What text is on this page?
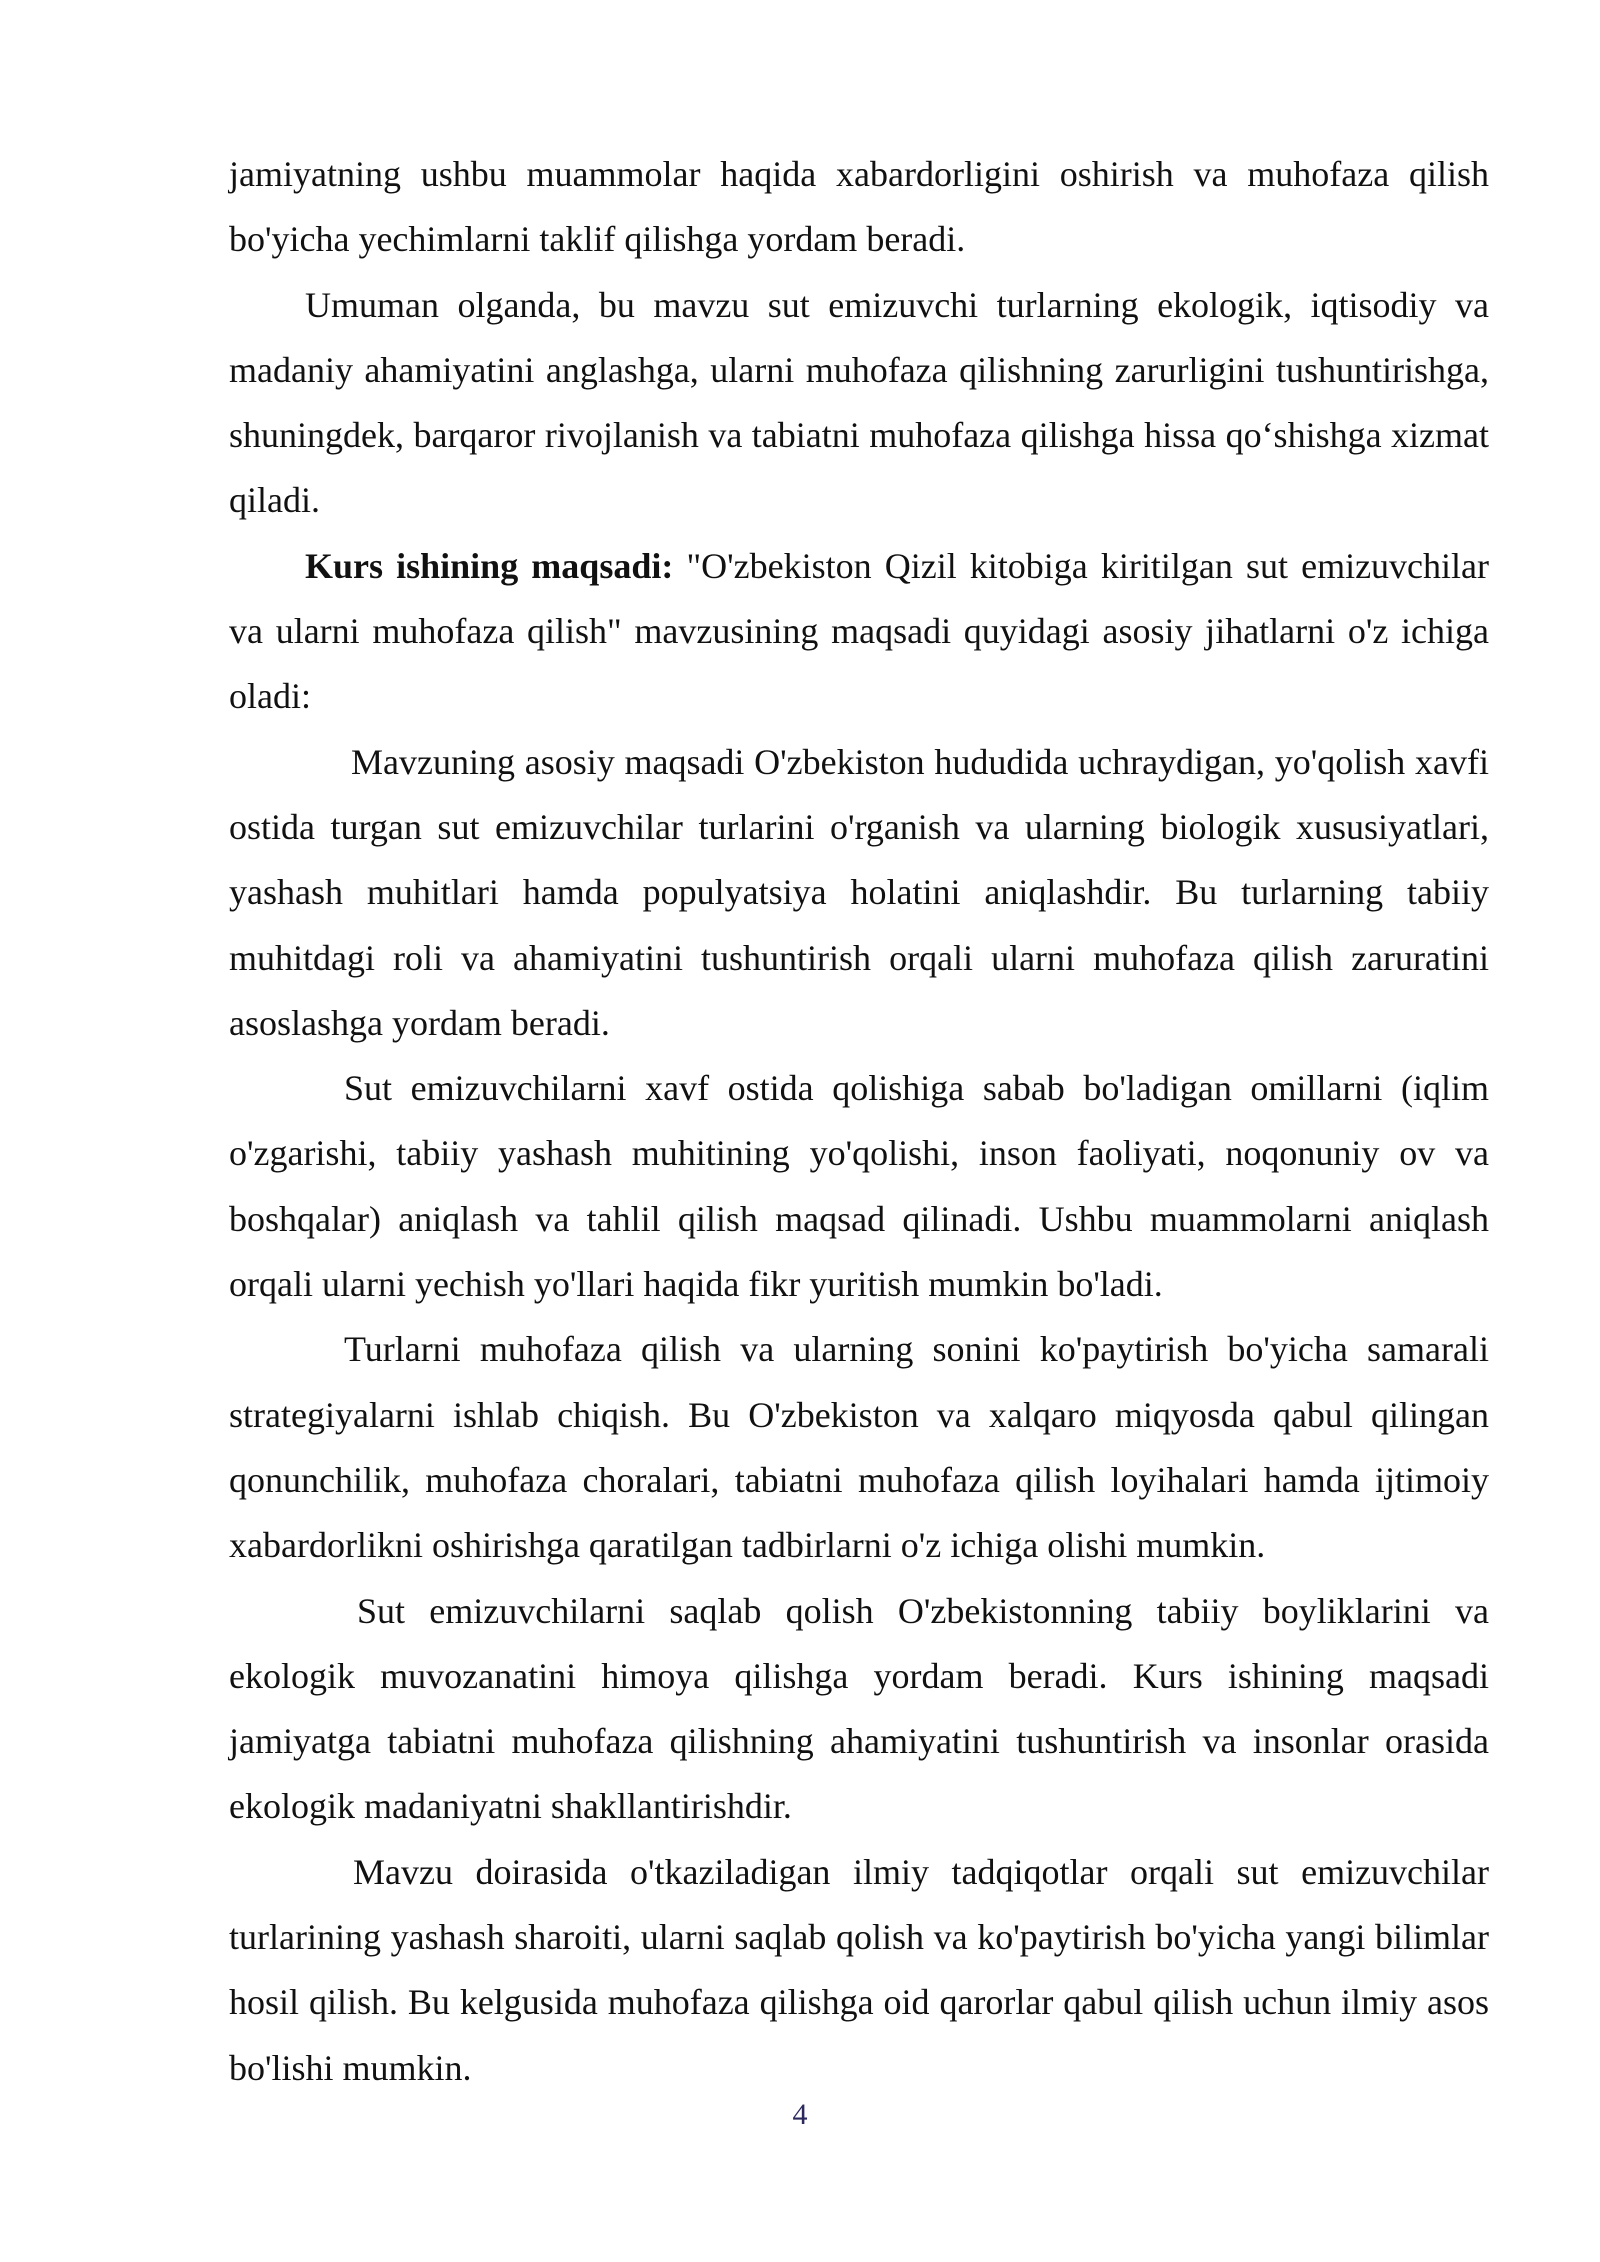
jamiyatning ushbu muammolar haqida xabardorligini oshirish va muhofaza qilish bo'yicha yechimlarni taklif qilishga yordam beradi.

Umuman olganda, bu mavzu sut emizuvchi turlarning ekologik, iqtisodiy va madaniy ahamiyatini anglashga, ularni muhofaza qilishning zarurligini tushuntirishga, shuningdek, barqaror rivojlanish va tabiatni muhofaza qilishga hissa qo‘shishga xizmat qiladi.

Kurs ishining maqsadi: "O'zbekiston Qizil kitobiga kiritilgan sut emizuvchilar va ularni muhofaza qilish" mavzusining maqsadi quyidagi asosiy jihatlarni o'z ichiga oladi:

Mavzuning asosiy maqsadi O'zbekiston hududida uchraydigan, yo'qolish xavfi ostida turgan sut emizuvchilar turlarini o'rganish va ularning biologik xususiyatlari, yashash muhitlari hamda populyatsiya holatini aniqlashdir. Bu turlarning tabiiy muhitdagi roli va ahamiyatini tushuntirish orqali ularni muhofaza qilish zaruratini asoslashga yordam beradi.

Sut emizuvchilarni xavf ostida qolishiga sabab bo'ladigan omillarni (iqlim o'zgarishi, tabiiy yashash muhitining yo'qolishi, inson faoliyati, noqonuniy ov va boshqalar) aniqlash va tahlil qilish maqsad qilinadi. Ushbu muammolarni aniqlash orqali ularni yechish yo'llari haqida fikr yuritish mumkin bo'ladi.

Turlarni muhofaza qilish va ularning sonini ko'paytirish bo'yicha samarali strategiyalarni ishlab chiqish. Bu O'zbekiston va xalqaro miqyosda qabul qilingan qonunchilik, muhofaza choralari, tabiatni muhofaza qilish loyihalari hamda ijtimoiy xabardorlikni oshirishga qaratilgan tadbirlarni o'z ichiga olishi mumkin.

Sut emizuvchilarni saqlab qolish O'zbekistonning tabiiy boyliklarini va ekologik muvozanatini himoya qilishga yordam beradi. Kurs ishining maqsadi jamiyatga tabiatni muhofaza qilishning ahamiyatini tushuntirish va insonlar orasida ekologik madaniyatni shakllantirishdir.

Mavzu doirasida o'tkaziladigan ilmiy tadqiqotlar orqali sut emizuvchilar turlarining yashash sharoiti, ularni saqlab qolish va ko'paytirish bo'yicha yangi bilimlar hosil qilish. Bu kelgusida muhofaza qilishga oid qarorlar qabul qilish uchun ilmiy asos bo'lishi mumkin.

4
